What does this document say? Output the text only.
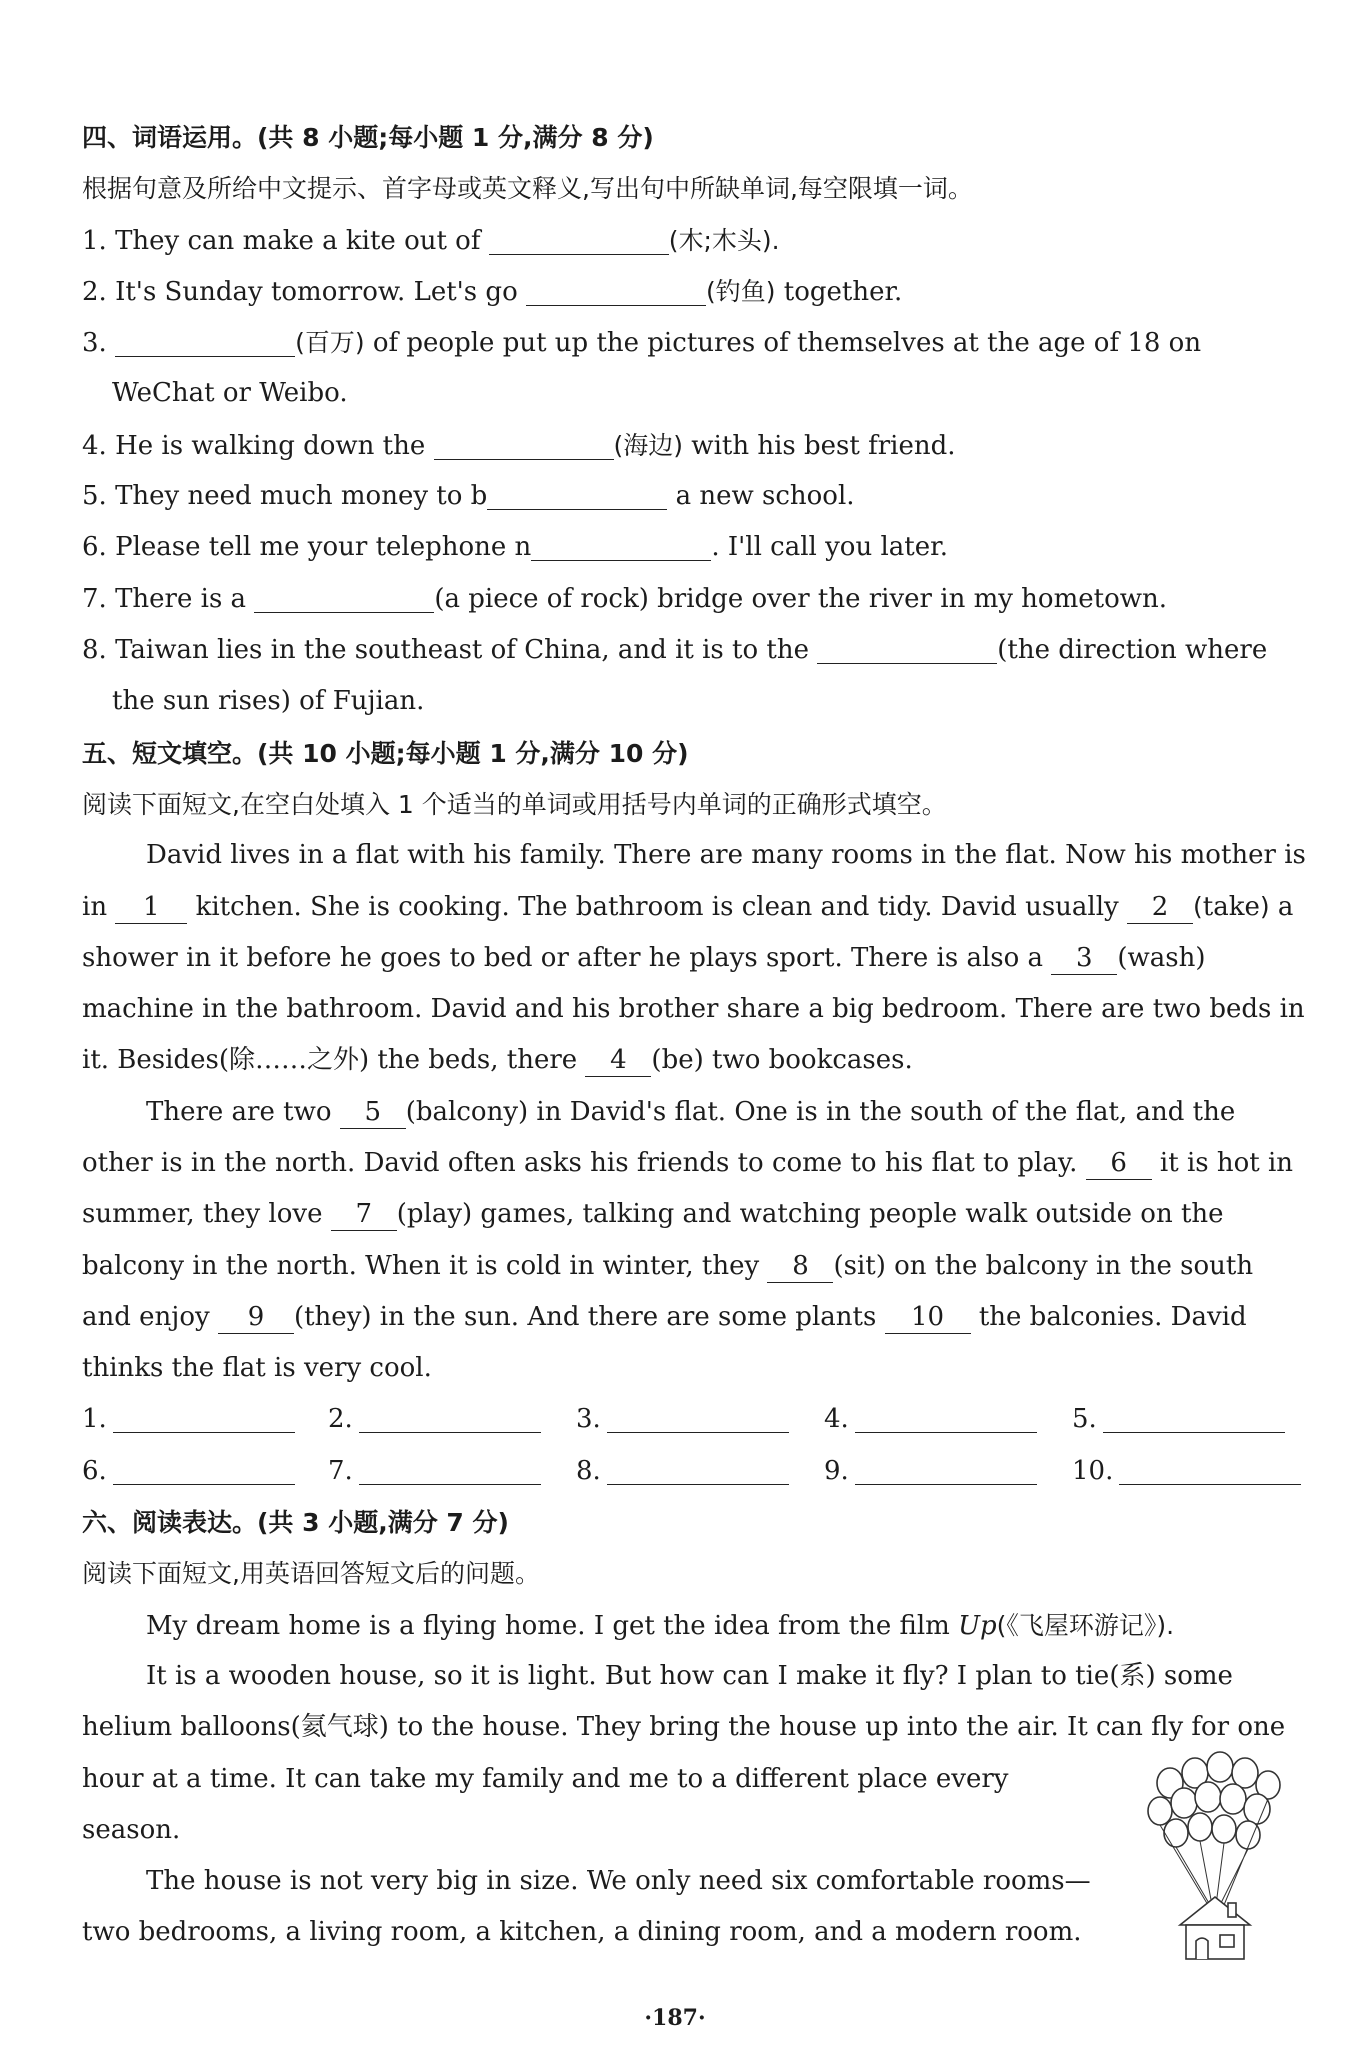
四、词语运用。(共 8 小题;每小题 1 分,满分 8 分)
根据句意及所给中文提示、首字母或英文释义,写出句中所缺单词,每空限填一词。
1. They can make a kite out of	(木;木头).
2. It's Sunday tomorrow. Let's go	(钓鱼) together.
3.	(百万) of people put up the pictures of themselves at the age of 18 on
WeChat or Weibo.
4. He is walking down the	(海边) with his best friend.
5. They need much money to b	a new school.
6. Please tell me your telephone n	. I'll call you later.
7. There is a	(a piece of rock) bridge over the river in my hometown.
8. Taiwan lies in the southeast of China, and it is to the	(the direction where
the sun rises) of Fujian.
五、短文填空。(共 10 小题;每小题 1 分,满分 10 分)
阅读下面短文,在空白处填入 1 个适当的单词或用括号内单词的正确形式填空。
David lives in a flat with his family. There are many rooms in the flat. Now his mother is
in 1 kitchen. She is cooking. The bathroom is clean and tidy. David usually 2 (take) a
shower in it before he goes to bed or after he plays sport. There is also a 3 (wash)
machine in the bathroom. David and his brother share a big bedroom. There are two beds in
it. Besides(除……之外) the beds, there 4 (be) two bookcases.
There are two 5 (balcony) in David's flat. One is in the south of the flat, and the
other is in the north. David often asks his friends to come to his flat to play. 6 it is hot in
summer, they love 7 (play) games, talking and watching people walk outside on the
balcony in the north. When it is cold in winter, they 8 (sit) on the balcony in the south
and enjoy 9 (they) in the sun. And there are some plants 10 the balconies. David
thinks the flat is very cool.
1.	2.	3.	4.	5.
6.	7.	8.	9.	10.
六、阅读表达。(共 3 小题,满分 7 分)
阅读下面短文,用英语回答短文后的问题。
My dream home is a flying home. I get the idea from the film Up(《飞屋环游记》).
It is a wooden house, so it is light. But how can I make it fly? I plan to tie(系) some
helium balloons(氦气球) to the house. They bring the house up into the air. It can fly for one
hour at a time. It can take my family and me to a different place every
season.
The house is not very big in size. We only need six comfortable rooms—
two bedrooms, a living room, a kitchen, a dining room, and a modern room.
·187·
